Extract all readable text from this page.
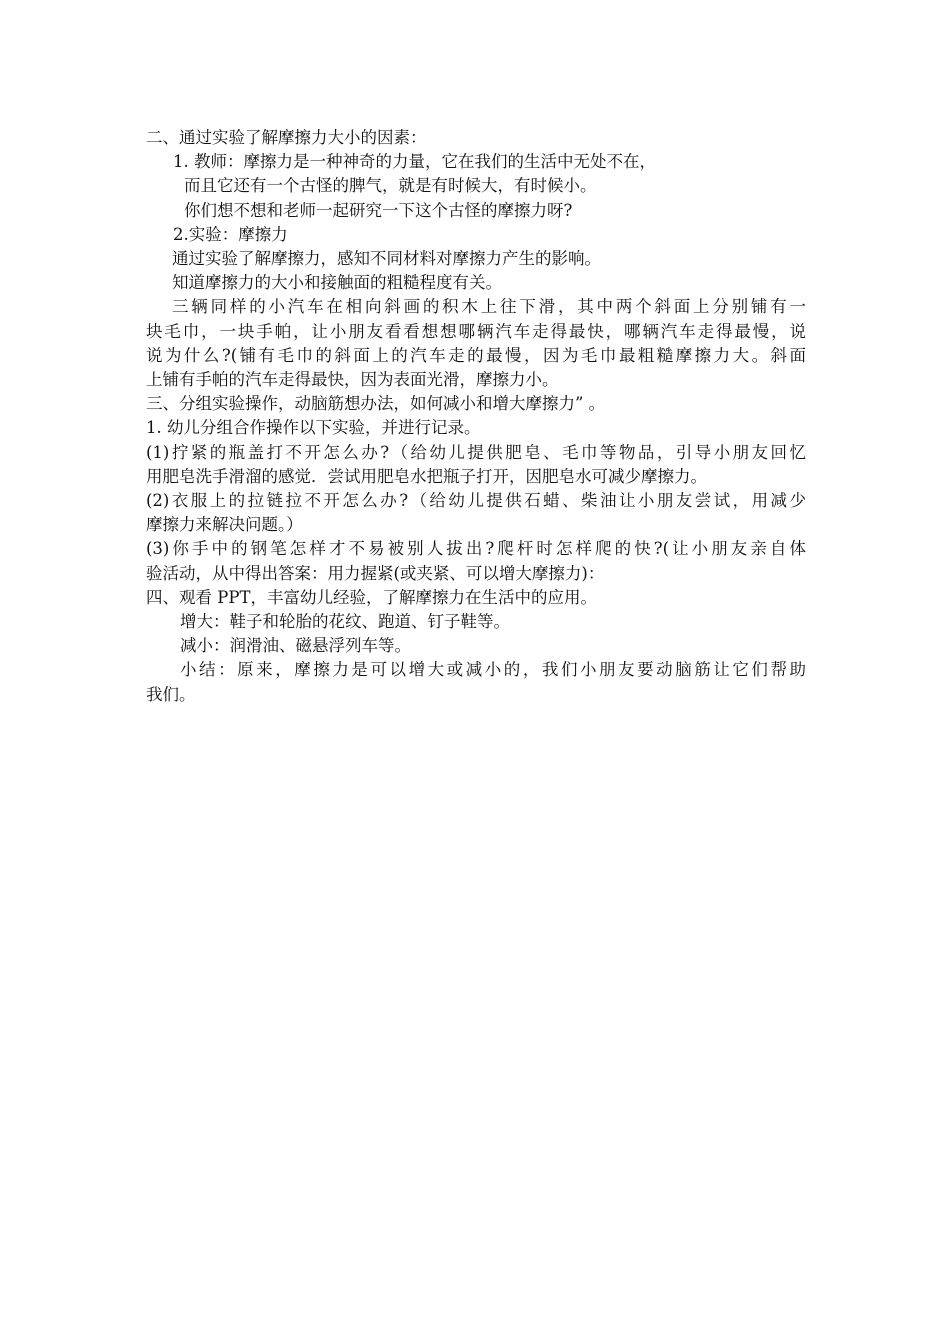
二、通过实验了解摩擦力大小的因素：
1. 教师：摩擦力是一种神奇的力量，它在我们的生活中无处不在，
而且它还有一个古怪的脾气，就是有时候大，有时候小。
你们想不想和老师一起研究一下这个古怪的摩擦力呀?
2.实验：摩擦力
通过实验了解摩擦力，感知不同材料对摩擦力产生的影响。
知道摩擦力的大小和接触面的粗糙程度有关。
三辆同样的小汽车在相向斜画的积木上往下滑，其中两个斜面上分别铺有一
块毛巾，一块手帕，让小朋友看看想想哪辆汽车走得最快，哪辆汽车走得最慢，说
说为什么?(铺有毛巾的斜面上的汽车走的最慢，因为毛巾最粗糙摩擦力大。斜面
上铺有手帕的汽车走得最快，因为表面光滑，摩擦力小。
三、分组实验操作，动脑筋想办法，如何减小和增大摩擦力” 。
1. 幼儿分组合作操作以下实验，并进行记录。
(1)拧紧的瓶盖打不开怎么办?（给幼儿提供肥皂、毛巾等物品，引导小朋友回忆
用肥皂洗手滑溜的感觉．尝试用肥皂水把瓶子打开，因肥皂水可减少摩擦力。
(2)衣服上的拉链拉不开怎么办?（给幼儿提供石蜡、柴油让小朋友尝试，用减少
摩擦力来解决问题。）
(3)你手中的钢笔怎样才不易被别人拔出?爬杆时怎样爬的快?(让小朋友亲自体
验活动，从中得出答案：用力握紧(或夹紧、可以增大摩擦力)：
四、观看 PPT，丰富幼儿经验，了解摩擦力在生活中的应用。
增大：鞋子和轮胎的花纹、跑道、钉子鞋等。
减小：润滑油、磁悬浮列车等。
小结：原来，摩擦力是可以增大或减小的，我们小朋友要动脑筋让它们帮助
我们。
